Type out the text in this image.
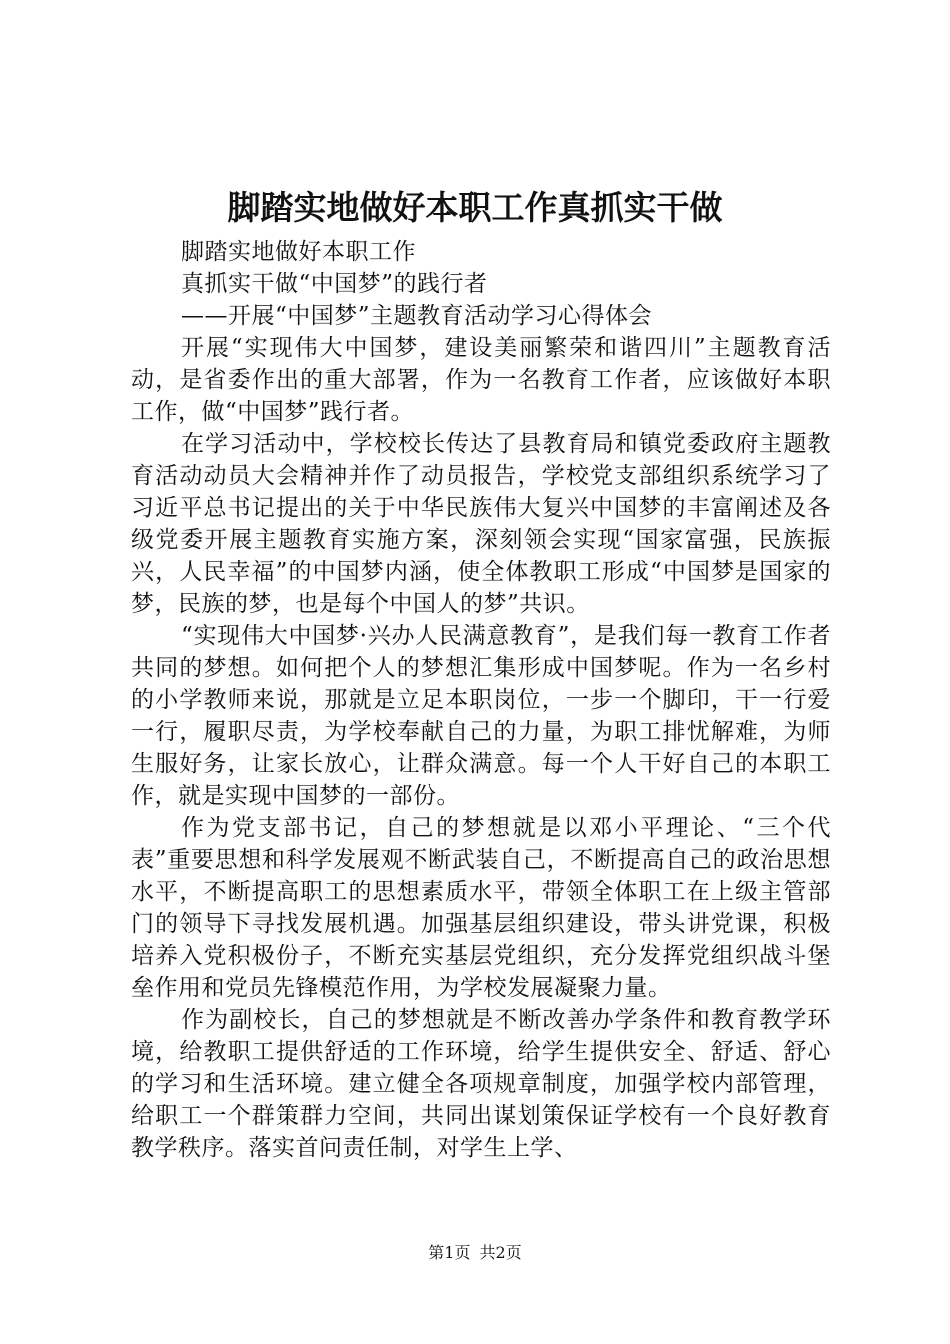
脚踏实地做好本职工作真抓实干做

脚踏实地做好本职工作

真抓实干做“中国梦”的践行者

——开展“中国梦”主题教育活动学习心得体会

开展“实现伟大中国梦，建设美丽繁荣和谐四川”主题教育活动，是省委作出的重大部署，作为一名教育工作者，应该做好本职工作，做“中国梦”践行者。

在学习活动中，学校校长传达了县教育局和镇党委政府主题教育活动动员大会精神并作了动员报告，学校党支部组织系统学习了习近平总书记提出的关于中华民族伟大复兴中国梦的丰富阐述及各级党委开展主题教育实施方案，深刻领会实现“国家富强，民族振兴，人民幸福”的中国梦内涵，使全体教职工形成“中国梦是国家的梦，民族的梦，也是每个中国人的梦”共识。

“实现伟大中国梦·兴办人民满意教育”，是我们每一教育工作者共同的梦想。如何把个人的梦想汇集形成中国梦呢。作为一名乡村的小学教师来说，那就是立足本职岗位，一步一个脚印，干一行爱一行，履职尽责，为学校奉献自己的力量，为职工排忧解难，为师生服好务，让家长放心，让群众满意。每一个人干好自己的本职工作，就是实现中国梦的一部份。

作为党支部书记，自己的梦想就是以邓小平理论、“三个代表”重要思想和科学发展观不断武装自己，不断提高自己的政治思想水平，不断提高职工的思想素质水平，带领全体职工在上级主管部门的领导下寻找发展机遇。加强基层组织建设，带头讲党课，积极培养入党积极份子，不断充实基层党组织，充分发挥党组织战斗堡垒作用和党员先锋模范作用，为学校发展凝聚力量。

作为副校长，自己的梦想就是不断改善办学条件和教育教学环境，给教职工提供舒适的工作环境，给学生提供安全、舒适、舒心的学习和生活环境。建立健全各项规章制度，加强学校内部管理，给职工一个群策群力空间，共同出谋划策保证学校有一个良好教育教学秩序。落实首问责任制，对学生上学、

第1页 共2页
